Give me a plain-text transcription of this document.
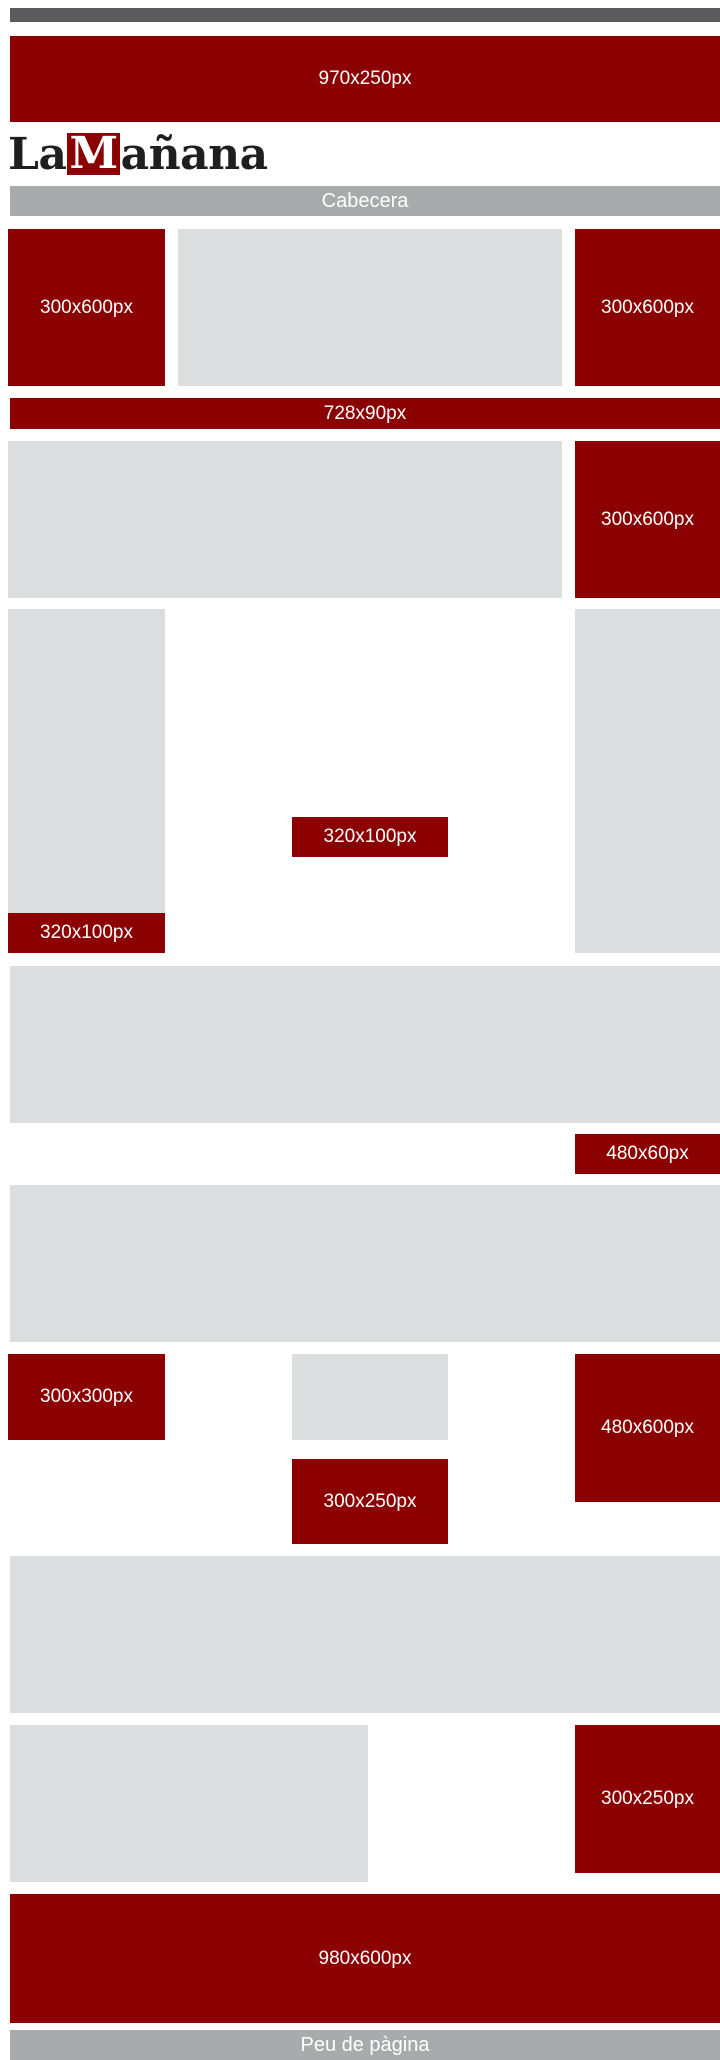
970x250px
La M añana
Cabecera
300x600px	300x600px
728x90px
300x600px
320x100px
320x100px
480x60px
300x300px
480x600px
300x250px
300x250px
980x600px
Peu de pàgina
